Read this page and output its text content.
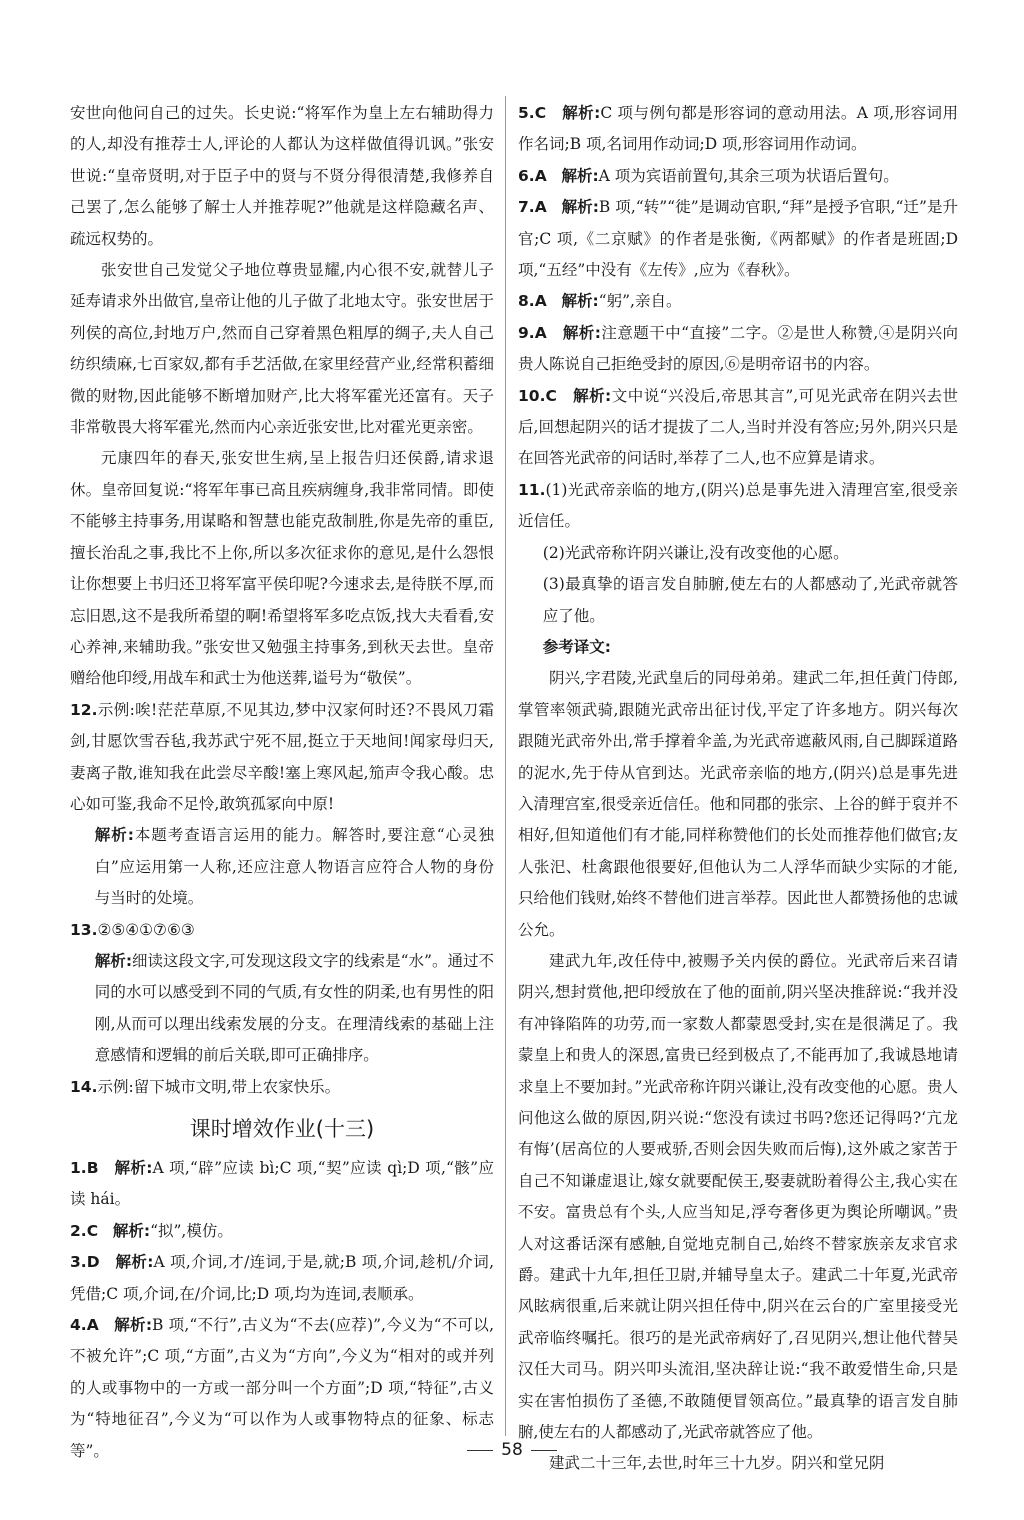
安世向他问自己的过失。长史说:“将军作为皇上左右辅助得力的人,却没有推荐士人,评论的人都认为这样做值得讥讽。”张安世说:“皇帝贤明,对于臣子中的贤与不贤分得很清楚,我修养自己罢了,怎么能够了解士人并推荐呢?”他就是这样隐藏名声、疏远权势的。

张安世自己发觉父子地位尊贵显耀,内心很不安,就替儿子延寿请求外出做官,皇帝让他的儿子做了北地太守。张安世居于列侯的高位,封地万户,然而自己穿着黑色粗厚的绸子,夫人自己纺织绩麻,七百家奴,都有手艺活做,在家里经营产业,经常积蓄细微的财物,因此能够不断增加财产,比大将军霍光还富有。天子非常敬畏大将军霍光,然而内心亲近张安世,比对霍光更亲密。

元康四年的春天,张安世生病,呈上报告归还侯爵,请求退休。皇帝回复说:“将军年事已高且疾病缠身,我非常同情。即使不能够主持事务,用谋略和智慧也能克敌制胜,你是先帝的重臣,擅长治乱之事,我比不上你,所以多次征求你的意见,是什么怨恨让你想要上书归还卫将军富平侯印呢?今速求去,是待朕不厚,而忘旧恩,这不是我所希望的啊!希望将军多吃点饭,找大夫看看,安心养神,来辅助我。”张安世又勉强主持事务,到秋天去世。皇帝赠给他印绶,用战车和武士为他送葬,谥号为“敬侯”。

12.示例:唉!茫茫草原,不见其边,梦中汉家何时还?不畏风刀霜剑,甘愿饮雪吞毡,我苏武宁死不屈,挺立于天地间!闻家母归天,妻离子散,谁知我在此尝尽辛酸!塞上寒风起,笳声令我心酸。忠心如可鉴,我命不足怜,敢筑孤冢向中原!

解析:本题考查语言运用的能力。解答时,要注意“心灵独白”应运用第一人称,还应注意人物语言应符合人物的身份与当时的处境。

13.②⑤④①⑦⑥③

解析:细读这段文字,可发现这段文字的线索是“水”。通过不同的水可以感受到不同的气质,有女性的阴柔,也有男性的阳刚,从而可以理出线索发展的分支。在理清线索的基础上注意感情和逻辑的前后关联,即可正确排序。

14.示例:留下城市文明,带上农家快乐。

课时增效作业(十三)

1.B 解析:A 项,“辟”应读 bì;C 项,“契”应读 qì;D 项,“骸”应读 hái。

2.C 解析:“拟”,模仿。

3.D 解析:A 项,介词,才/连词,于是,就;B 项,介词,趁机/介词,凭借;C 项,介词,在/介词,比;D 项,均为连词,表顺承。

4.A 解析:B 项,“不行”,古义为“不去(应荐)”,今义为“不可以,不被允许”;C 项,“方面”,古义为“方向”,今义为“相对的或并列的人或事物中的一方或一部分叫一个方面”;D 项,“特征”,古义为“特地征召”,今义为“可以作为人或事物特点的征象、标志等”。

5.C 解析:C 项与例句都是形容词的意动用法。A 项,形容词用作名词;B 项,名词用作动词;D 项,形容词用作动词。

6.A 解析:A 项为宾语前置句,其余三项为状语后置句。

7.A 解析:B 项,“转”“徙”是调动官职,“拜”是授予官职,“迁”是升官;C 项,《二京赋》的作者是张衡,《两都赋》的作者是班固;D 项,“五经”中没有《左传》,应为《春秋》。

8.A 解析:“躬”,亲自。

9.A 解析:注意题干中“直接”二字。②是世人称赞,④是阴兴向贵人陈说自己拒绝受封的原因,⑥是明帝诏书的内容。

10.C 解析:文中说“兴没后,帝思其言”,可见光武帝在阴兴去世后,回想起阴兴的话才提拔了二人,当时并没有答应;另外,阴兴只是在回答光武帝的问话时,举荐了二人,也不应算是请求。

11.(1)光武帝亲临的地方,(阴兴)总是事先进入清理宫室,很受亲近信任。

(2)光武帝称许阴兴谦让,没有改变他的心愿。

(3)最真挚的语言发自肺腑,使左右的人都感动了,光武帝就答应了他。

参考译文:

阴兴,字君陵,光武皇后的同母弟弟。建武二年,担任黄门侍郎,掌管率领武骑,跟随光武帝出征讨伐,平定了许多地方。阴兴每次跟随光武帝外出,常手撑着伞盖,为光武帝遮蔽风雨,自己脚踩道路的泥水,先于侍从官到达。光武帝亲临的地方,(阴兴)总是事先进入清理宫室,很受亲近信任。他和同郡的张宗、上谷的鲜于裒并不相好,但知道他们有才能,同样称赞他们的长处而推荐他们做官;友人张汜、杜禽跟他很要好,但他认为二人浮华而缺少实际的才能,只给他们钱财,始终不替他们进言举荐。因此世人都赞扬他的忠诚公允。

建武九年,改任侍中,被赐予关内侯的爵位。光武帝后来召请阴兴,想封赏他,把印绶放在了他的面前,阴兴坚决推辞说:“我并没有冲锋陷阵的功劳,而一家数人都蒙恩受封,实在是很满足了。我蒙皇上和贵人的深恩,富贵已经到极点了,不能再加了,我诚恳地请求皇上不要加封。”光武帝称许阴兴谦让,没有改变他的心愿。贵人问他这么做的原因,阴兴说:“您没有读过书吗?您还记得吗?‘亢龙有悔’(居高位的人要戒骄,否则会因失败而后悔),这外戚之家苦于自己不知谦虚退让,嫁女就要配侯王,娶妻就盼着得公主,我心实在不安。富贵总有个头,人应当知足,浮夸奢侈更为舆论所嘲讽。”贵人对这番话深有感触,自觉地克制自己,始终不替家族亲友求官求爵。建武十九年,担任卫尉,并辅导皇太子。建武二十年夏,光武帝风眩病很重,后来就让阴兴担任侍中,阴兴在云台的广室里接受光武帝临终嘱托。很巧的是光武帝病好了,召见阴兴,想让他代替吴汉任大司马。阴兴叩头流泪,坚决辞让说:“我不敢爱惜生命,只是实在害怕损伤了圣德,不敢随便冒领高位。”最真挚的语言发自肺腑,使左右的人都感动了,光武帝就答应了他。

建武二十三年,去世,时年三十九岁。阴兴和堂兄阴

58
